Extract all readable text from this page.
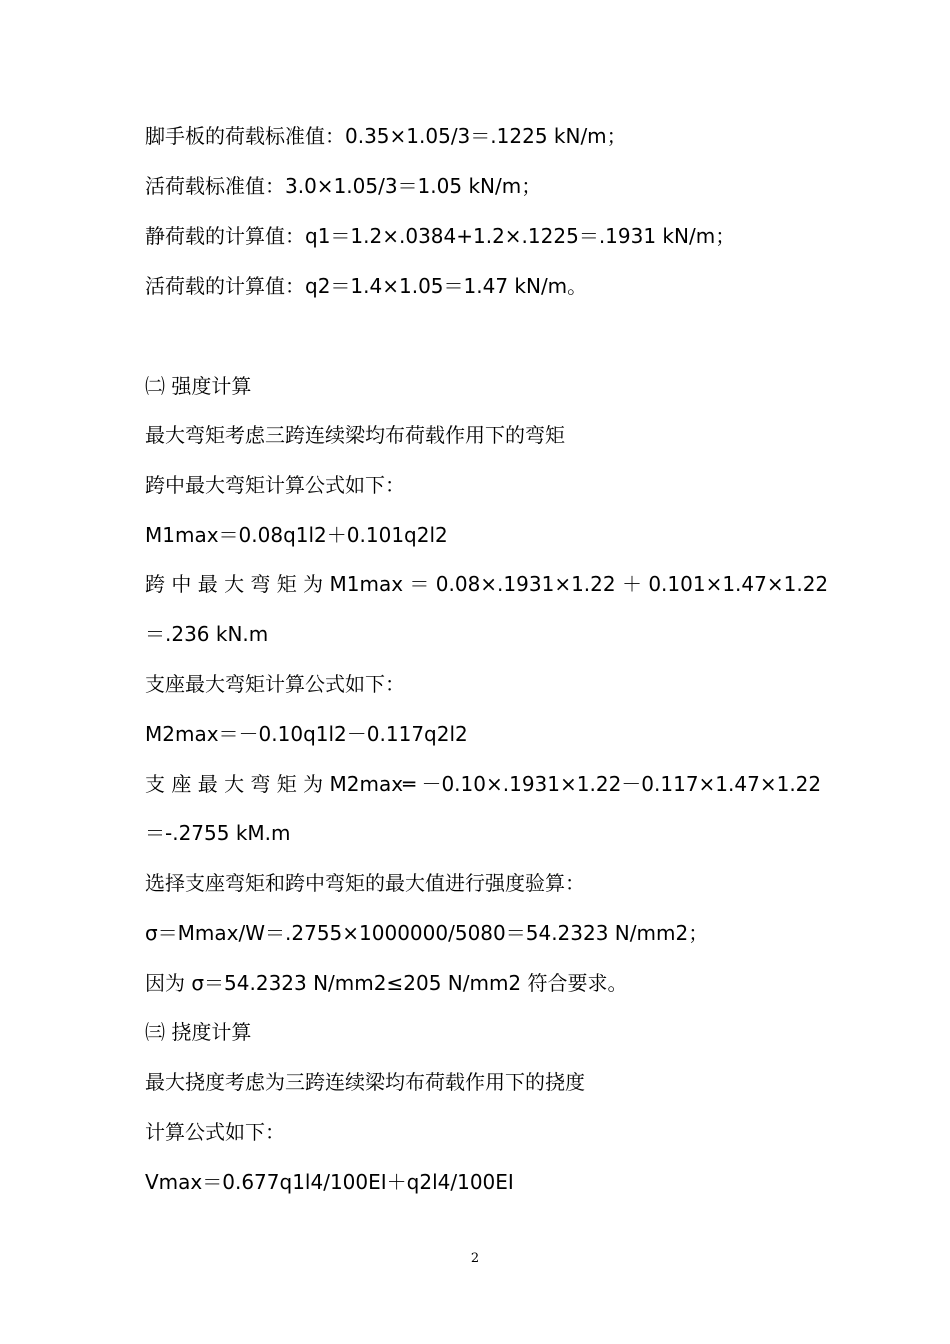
脚手板的荷载标准值：0.35×1.05/3＝.1225 kN/m；
活荷载标准值：3.0×1.05/3＝1.05 kN/m；
静荷载的计算值：q1＝1.2×.0384+1.2×.1225＝.1931 kN/m；
活荷载的计算值：q2＝1.4×1.05＝1.47 kN/m。
㈡ 强度计算
最大弯矩考虑三跨连续梁均布荷载作用下的弯矩
跨中最大弯矩计算公式如下：
M1max＝0.08q1l2＋0.101q2l2
跨 中 最 大 弯 矩 为 M1max ＝ 0.08×.1931×1.22 ＋ 0.101×1.47×1.22
＝.236 kN.m
支座最大弯矩计算公式如下：
M2max＝－0.10q1l2－0.117q2l2
支 座 最 大 弯 矩 为 M2max═ －0.10×.1931×1.22－0.117×1.47×1.22
＝-.2755 kM.m
选择支座弯矩和跨中弯矩的最大值进行强度验算：
σ＝Mmax/W＝.2755×1000000/5080＝54.2323 N/mm2；
因为 σ＝54.2323 N/mm2≤205 N/mm2 符合要求。
㈢ 挠度计算
最大挠度考虑为三跨连续梁均布荷载作用下的挠度
计算公式如下：
Vmax＝0.677q1l4/100EI＋q2l4/100EI
2
